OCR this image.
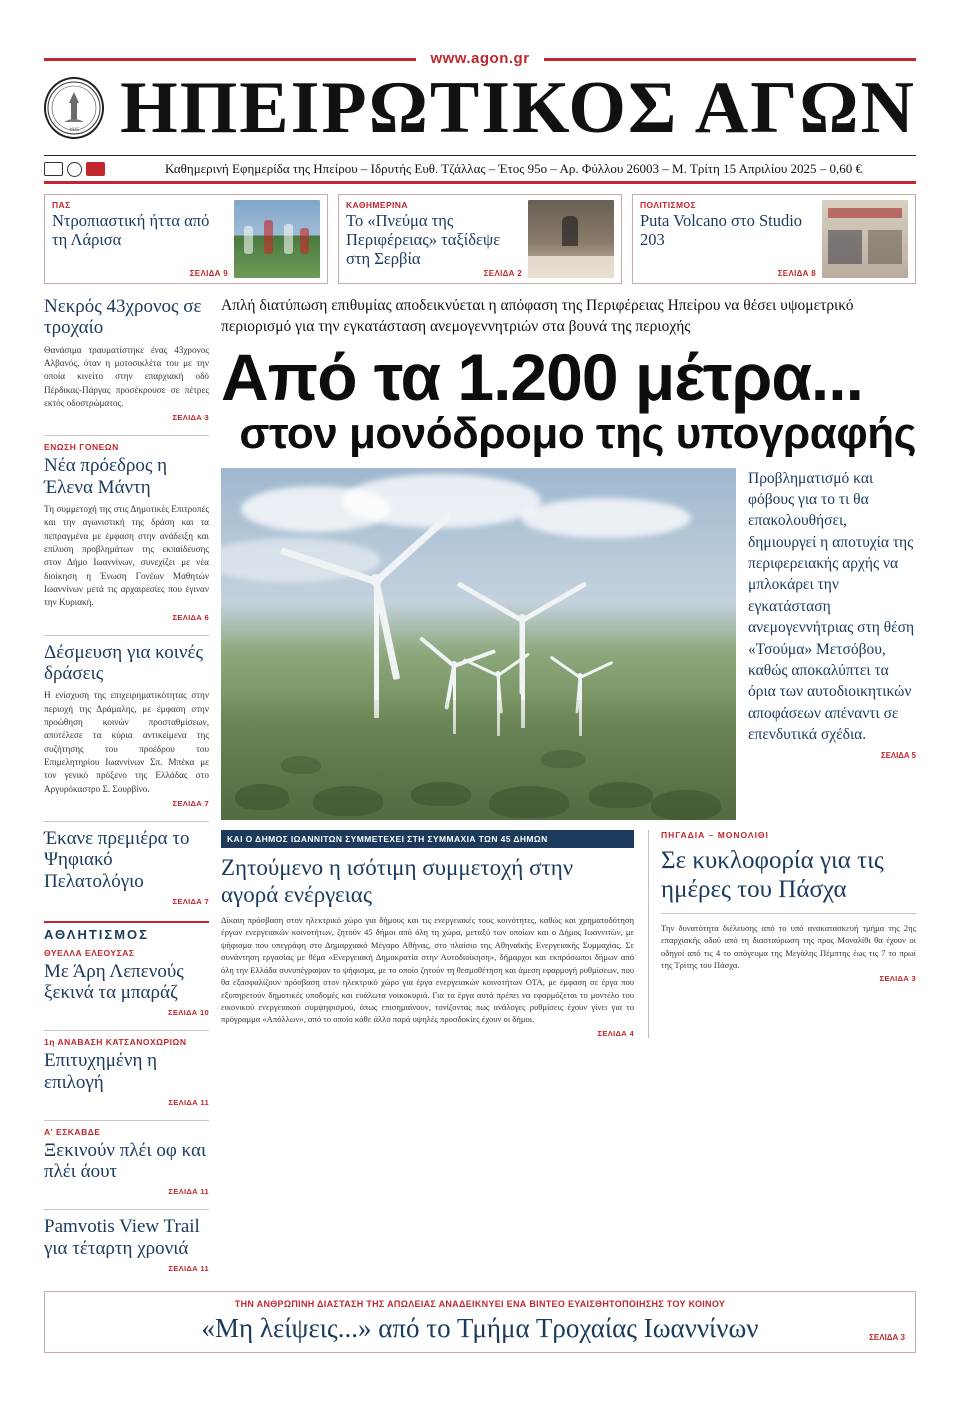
www.agon.gr
1925 ΗΠΕΙΡΩΤΙΚΟΣ ΑΓΩΝ
Καθημερινή Εφημερίδα της Ηπείρου – Ιδρυτής Ευθ. Τζάλλας – Έτος 95ο – Αρ. Φύλλου 26003 – Μ. Τρίτη 15 Απριλίου 2025 – 0,60 €
ΠΑΣ
Ντροπιαστική ήττα από τη Λάρισα
ΣΕΛΙΔΑ 9
ΚΑΘΗΜΕΡΙΝΑ
Το «Πνεύμα της Περιφέρειας» ταξίδεψε στη Σερβία
ΣΕΛΙΔΑ 2
ΠΟΛΙΤΙΣΜΟΣ
Puta Volcano στο Studio 203
ΣΕΛΙΔΑ 8
Νεκρός 43χρονος σε τροχαίο
Θανάσιμα τραυματίστηκε ένας 43χρονος Αλβανός, όταν η μοτοσικλέτα του με την οποία κινείτο στην επαρχιακή οδό Πέρδικας-Πάργας προσέκρουσε σε πέτρες εκτός οδοστρώματος.
ΣΕΛΙΔΑ 3
ΕΝΩΣΗ ΓΟΝΕΩΝ
Νέα πρόεδρος η Έλενα Μάντη
Τη συμμετοχή της στις Δημοτικές Επιτροπές και την αγωνιστική της δράση και τα πεπραγμένα με έμφαση στην ανάδειξη και επίλυση προβλημάτων της εκπαίδευσης στον Δήμο Ιωαννίνων, συνεχίζει με νέα διοίκηση η Ένωση Γονέων Μαθητών Ιωαννίνων μετά τις αρχαιρεσίες που έγιναν την Κυριακή.
ΣΕΛΙΔΑ 6
Δέσμευση για κοινές δράσεις
Η ενίσχυση της επιχειρηματικότητας στην περιοχή της Δράμαλης, με έμφαση στην προώθηση κοινών προσταθμίσεων, αποτέλεσε τα κύρια αντικείμενα της συζήτησης του προέδρου του Επιμελητηρίου Ιωαννίνων Σπ. Μπέκα με τον γενικό πρόξενο της Ελλάδας στο Αργυρόκαστρο Σ. Σουρβίνο.
ΣΕΛΙΔΑ 7
Έκανε πρεμιέρα το Ψηφιακό Πελατολόγιο
ΣΕΛΙΔΑ 7
ΑΘΛΗΤΙΣΜΟΣ
ΘΥΕΛΛΑ ΕΛΕΟΥΣΑΣ
Με Άρη Λεπενούς ξεκινά τα μπαράζ
ΣΕΛΙΔΑ 10
1η ΑΝΑΒΑΣΗ ΚΑΤΣΑΝΟΧΩΡΙΩΝ
Επιτυχημένη η επιλογή
ΣΕΛΙΔΑ 11
Α' ΕΣΚΑΒΔΕ
Ξεκινούν πλέι οφ και πλέι άουτ
ΣΕΛΙΔΑ 11
Pamvotis View Trail για τέταρτη χρονιά
ΣΕΛΙΔΑ 11
Απλή διατύπωση επιθυμίας αποδεικνύεται η απόφαση της Περιφέρειας Ηπείρου να θέσει υψομετρικό περιορισμό για την εγκατάσταση ανεμογεννητριών στα βουνά της περιοχής
Από τα 1.200 μέτρα...
στον μονόδρομο της υπογραφής
Προβληματισμό και φόβους για το τι θα επακολουθήσει, δημιουργεί η αποτυχία της περιφερειακής αρχής να μπλοκάρει την εγκατάσταση ανεμογεννήτριας στη θέση «Τσούμα» Μετσόβου, καθώς αποκαλύπτει τα όρια των αυτοδιοικητικών αποφάσεων απέναντι σε επενδυτικά σχέδια.
ΣΕΛΙΔΑ 5
ΚΑΙ Ο ΔΗΜΟΣ ΙΩΑΝΝΙΤΩΝ ΣΥΜΜΕΤΕΧΕΙ ΣΤΗ ΣΥΜΜΑΧΙΑ ΤΩΝ 45 ΔΗΜΩΝ
Ζητούμενο η ισότιμη συμμετοχή στην αγορά ενέργειας
Δίκαιη πρόσβαση στον ηλεκτρικό χώρο για δήμους και τις ενεργειακές τους κοινότητες, καθώς και χρηματοδότηση έργων ενεργειακών κοινοτήτων, ζητούν 45 δήμοι από όλη τη χώρα, μεταξύ των οποίων και ο Δήμος Ιωαννιτών, με ψήφισμα που υπεγράφη στο Δημαρχιακό Μέγαρο Αθήνας, στο πλαίσιο της Αθηναϊκής Ενεργειακής Συμμαχίας. Σε συνάντηση εργασίας με θέμα «Ενεργειακή Δημοκρατία στην Αυτοδιοίκηση», δήμαρχοι και εκπρόσωποι δήμων από όλη την Ελλάδα συνυπέγραψαν το ψήφισμα, με το οποίο ζητούν τη θεσμοθέτηση και άμεση εφαρμογή ρυθμίσεων, που θα εξασφαλίζουν πρόσβαση στον ηλεκτρικό χώρο για έργα ενεργειακών κοινοτήτων ΟΤΑ, με έμφαση σε έργα που εξυπηρετούν δημοτικές υποδομές και ευάλωτα νοικοκυριά. Για τα έργα αυτά πρέπει να εφαρμόζεται το μοντέλο του εικονικού ενεργειακού συμψηφισμού, όπως επισημαίνουν, τονίζοντας πως ανάλογες ρυθμίσεις έχουν γίνει για το πρόγραμμα «Απόλλων», από το οποίο κάθε άλλο παρά υψηλές προσδοκίες έχουν οι δήμοι.
ΣΕΛΙΔΑ 4
ΠΗΓΑΔΙΑ – ΜΟΝΟΛΙΘΙ
Σε κυκλοφορία για τις ημέρες του Πάσχα
Την δυνατότητα διέλευσης από το υπό ανακατασκευή τμήμα της 2ης επαρχιακής οδού από τη διασταύρωση της προς Μοναλίθι θα έχουν οι οδηγοί από τις 4 το απόγευμα της Μεγάλης Πέμπτης έως τις 7 το πρωί της Τρίτης του Πάσχα.
ΣΕΛΙΔΑ 3
ΤΗΝ ΑΝΘΡΩΠΙΝΗ ΔΙΑΣΤΑΣΗ ΤΗΣ ΑΠΩΛΕΙΑΣ ΑΝΑΔΕΙΚΝΥΕΙ ΕΝΑ ΒΙΝΤΕΟ ΕΥΑΙΣΘΗΤΟΠΟΙΗΣΗΣ ΤΟΥ ΚΟΙΝΟΥ
«Μη λείψεις...» από το Τμήμα Τροχαίας Ιωαννίνων	ΣΕΛΙΔΑ 3
